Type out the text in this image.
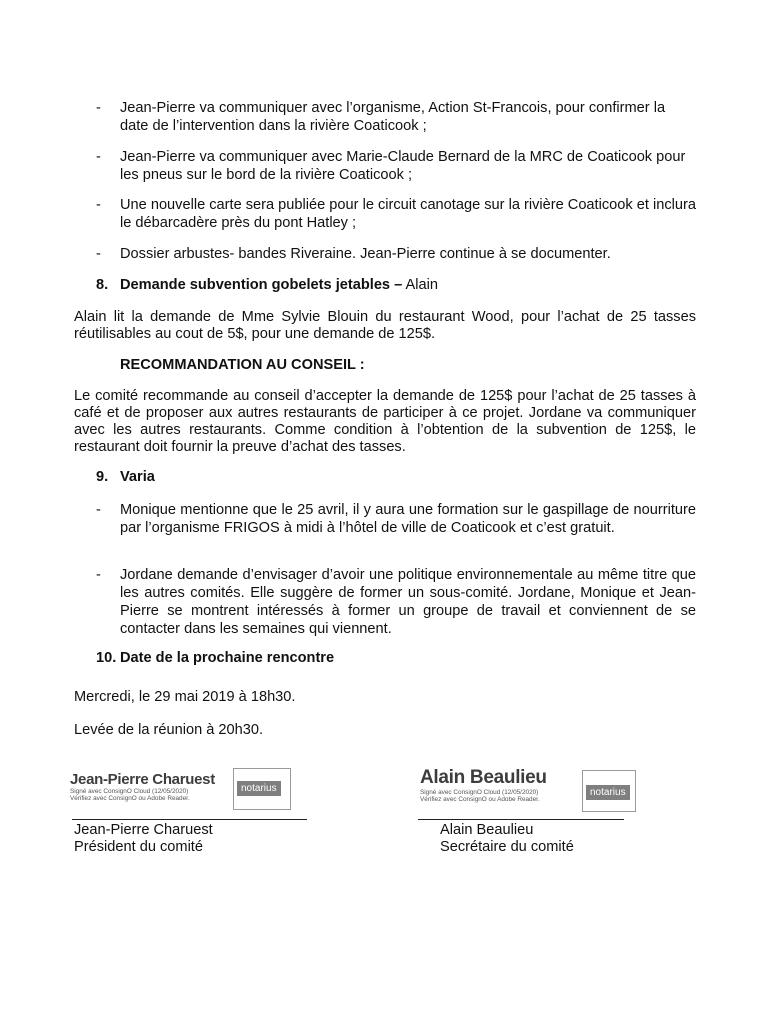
- Jean-Pierre va communiquer avec l’organisme, Action St-Francois, pour confirmer la date de l’intervention dans la rivière Coaticook ;
- Jean-Pierre va communiquer avec Marie-Claude Bernard de la MRC de Coaticook pour les pneus sur le bord de la rivière Coaticook ;
- Une nouvelle carte sera publiée pour le circuit canotage sur la rivière Coaticook et inclura le débarcadère près du pont Hatley ;
- Dossier arbustes- bandes Riveraine. Jean-Pierre continue à se documenter.
8. Demande subvention gobelets jetables – Alain
Alain lit la demande de Mme Sylvie Blouin du restaurant Wood, pour l’achat de 25 tasses réutilisables au cout de 5$, pour une demande de 125$.
RECOMMANDATION AU CONSEIL :
Le comité recommande au conseil d’accepter la demande de 125$ pour l’achat de 25 tasses à café et de proposer aux autres restaurants de participer à ce projet. Jordane va communiquer avec les autres restaurants. Comme condition à l’obtention de la subvention de 125$, le restaurant doit fournir la preuve d’achat des tasses.
9. Varia
- Monique mentionne que le 25 avril, il y aura une formation sur le gaspillage de nourriture par l’organisme FRIGOS à midi à l’hôtel de ville de Coaticook et c’est gratuit.
- Jordane demande d’envisager d’avoir une politique environnementale au même titre que les autres comités. Elle suggère de former un sous-comité. Jordane, Monique et Jean-Pierre se montrent intéressés à former un groupe de travail et conviennent de se contacter dans les semaines qui viennent.
10. Date de la prochaine rencontre
Mercredi, le 29 mai 2019 à 18h30.
Levée de la réunion à 20h30.
notarius
Jean-Pierre Charuest
Signé avec ConsignO Cloud (12/05/2020)
Vérifiez avec ConsignO ou Adobe Reader.
Jean-Pierre Charuest
Président du comité
notarius
Alain Beaulieu
Signé avec ConsignO Cloud (12/05/2020)
Vérifiez avec ConsignO ou Adobe Reader.
Alain Beaulieu
Secrétaire du comité
